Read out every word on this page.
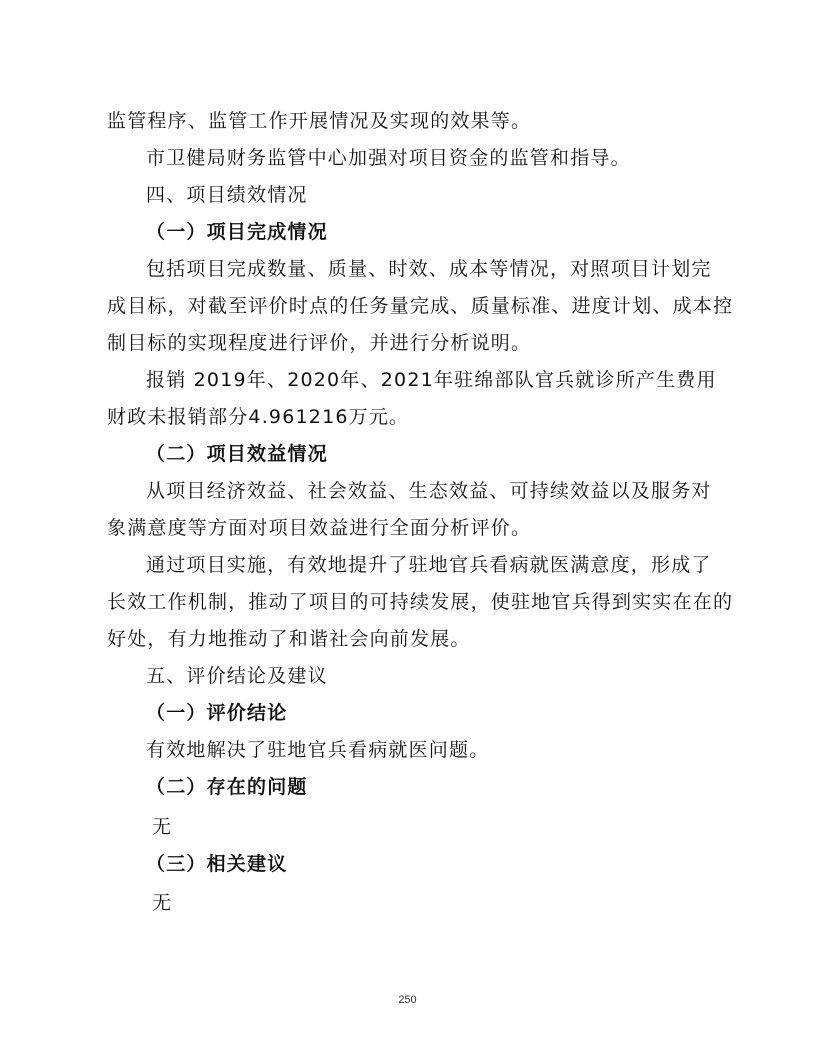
监管程序、监管工作开展情况及实现的效果等。
市卫健局财务监管中心加强对项目资金的监管和指导。
四、项目绩效情况
（一）项目完成情况
包括项目完成数量、质量、时效、成本等情况，对照项目计划完
成目标，对截至评价时点的任务量完成、质量标准、进度计划、成本控
制目标的实现程度进行评价，并进行分析说明。
报销 2019年、2020年、2021年驻绵部队官兵就诊所产生费用
财政未报销部分4.961216万元。
（二）项目效益情况
从项目经济效益、社会效益、生态效益、可持续效益以及服务对
象满意度等方面对项目效益进行全面分析评价。
通过项目实施，有效地提升了驻地官兵看病就医满意度，形成了
长效工作机制，推动了项目的可持续发展，使驻地官兵得到实实在在的
好处，有力地推动了和谐社会向前发展。
五、评价结论及建议
（一）评价结论
有效地解决了驻地官兵看病就医问题。
（二）存在的问题
无
（三）相关建议
无
250
